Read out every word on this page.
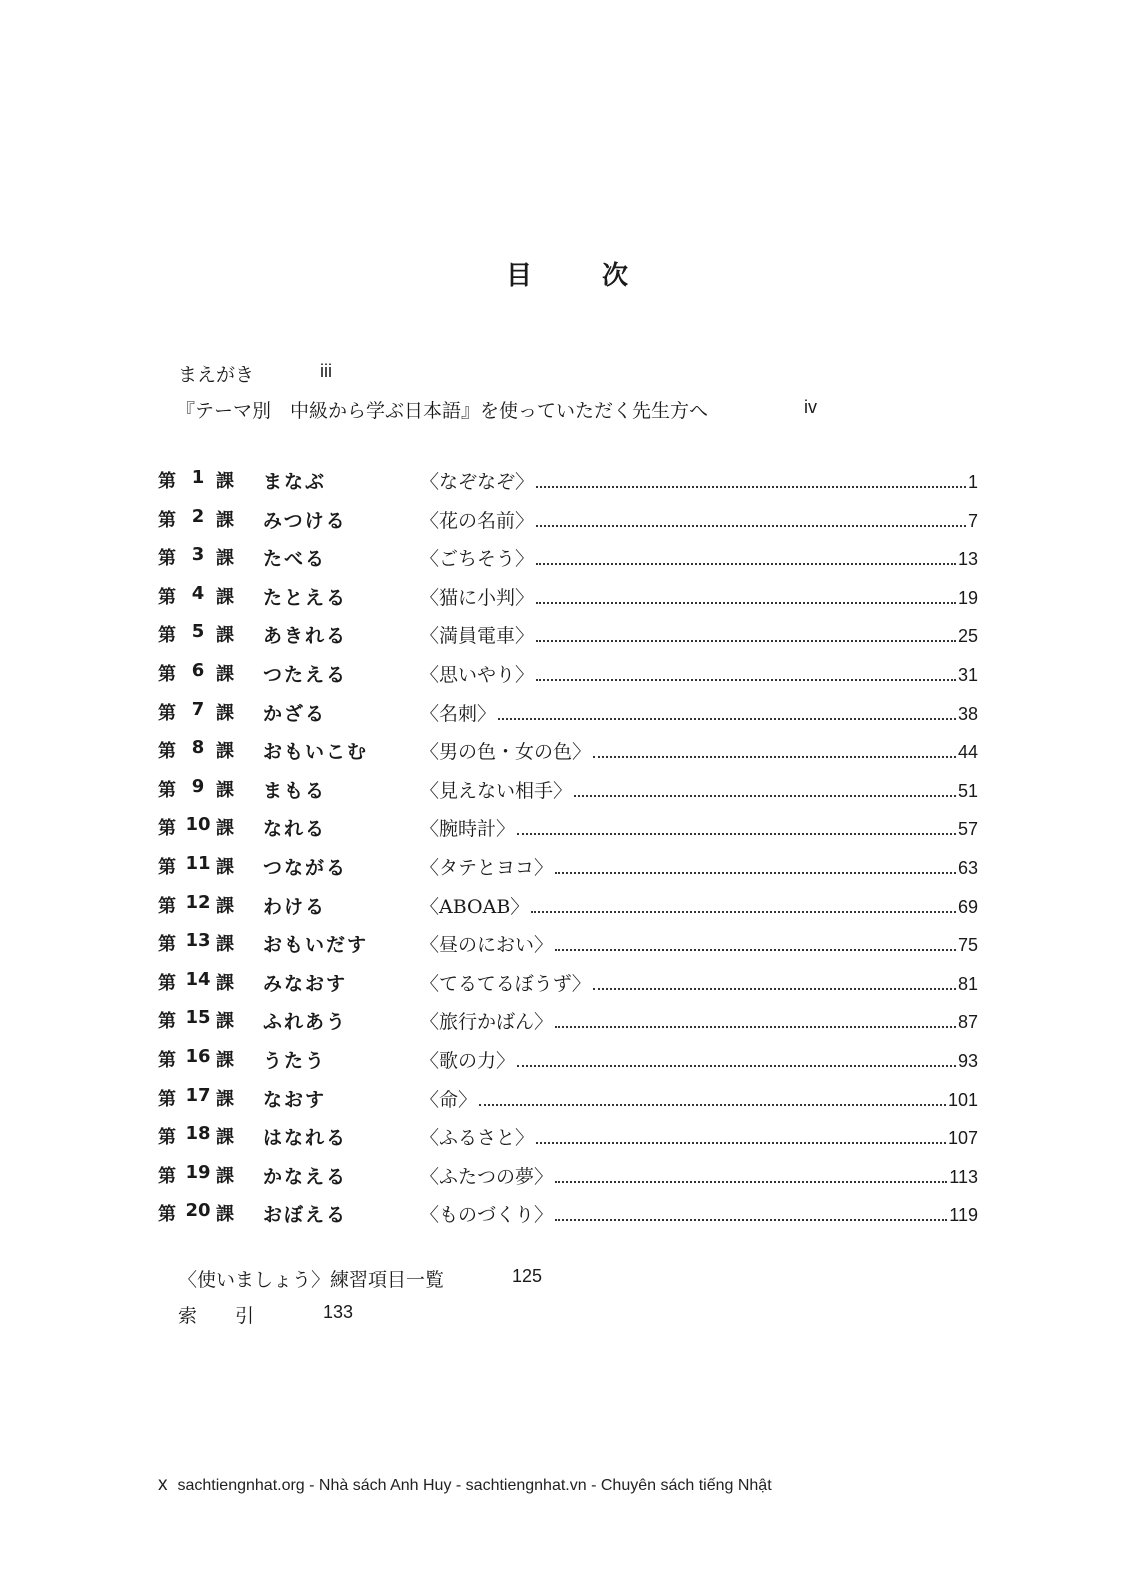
目	次
まえがき	iii
『テーマ別　中級から学ぶ日本語』を使っていただく先生方へ	iv
第 1 課 まなぶ	〈なぞなぞ〉	1
第 2 課 みつける	〈花の名前〉	7
第 3 課 たべる	〈ごちそう〉	13
第 4 課 たとえる	〈猫に小判〉	19
第 5 課 あきれる	〈満員電車〉	25
第 6 課 つたえる	〈思いやり〉	31
第 7 課 かざる	〈名刺〉	38
第 8 課 おもいこむ	〈男の色・女の色〉	44
第 9 課 まもる	〈見えない相手〉	51
第 10 課 なれる	〈腕時計〉	57
第 11 課 つながる	〈タテとヨコ〉	63
第 12 課 わける	〈ABOAB〉	69
第 13 課 おもいだす	〈昼のにおい〉	75
第 14 課 みなおす	〈てるてるぼうず〉	81
第 15 課 ふれあう	〈旅行かばん〉	87
第 16 課 うたう	〈歌の力〉	93
第 17 課 なおす	〈命〉	101
第 18 課 はなれる	〈ふるさと〉	107
第 19 課 かなえる	〈ふたつの夢〉	113
第 20 課 おぼえる	〈ものづくり〉	119
〈使いましょう〉練習項目一覧	125
索　　引	133
x sachtiengnhat.org - Nhà sách Anh Huy - sachtiengnhat.vn - Chuyên sách tiếng Nhật
